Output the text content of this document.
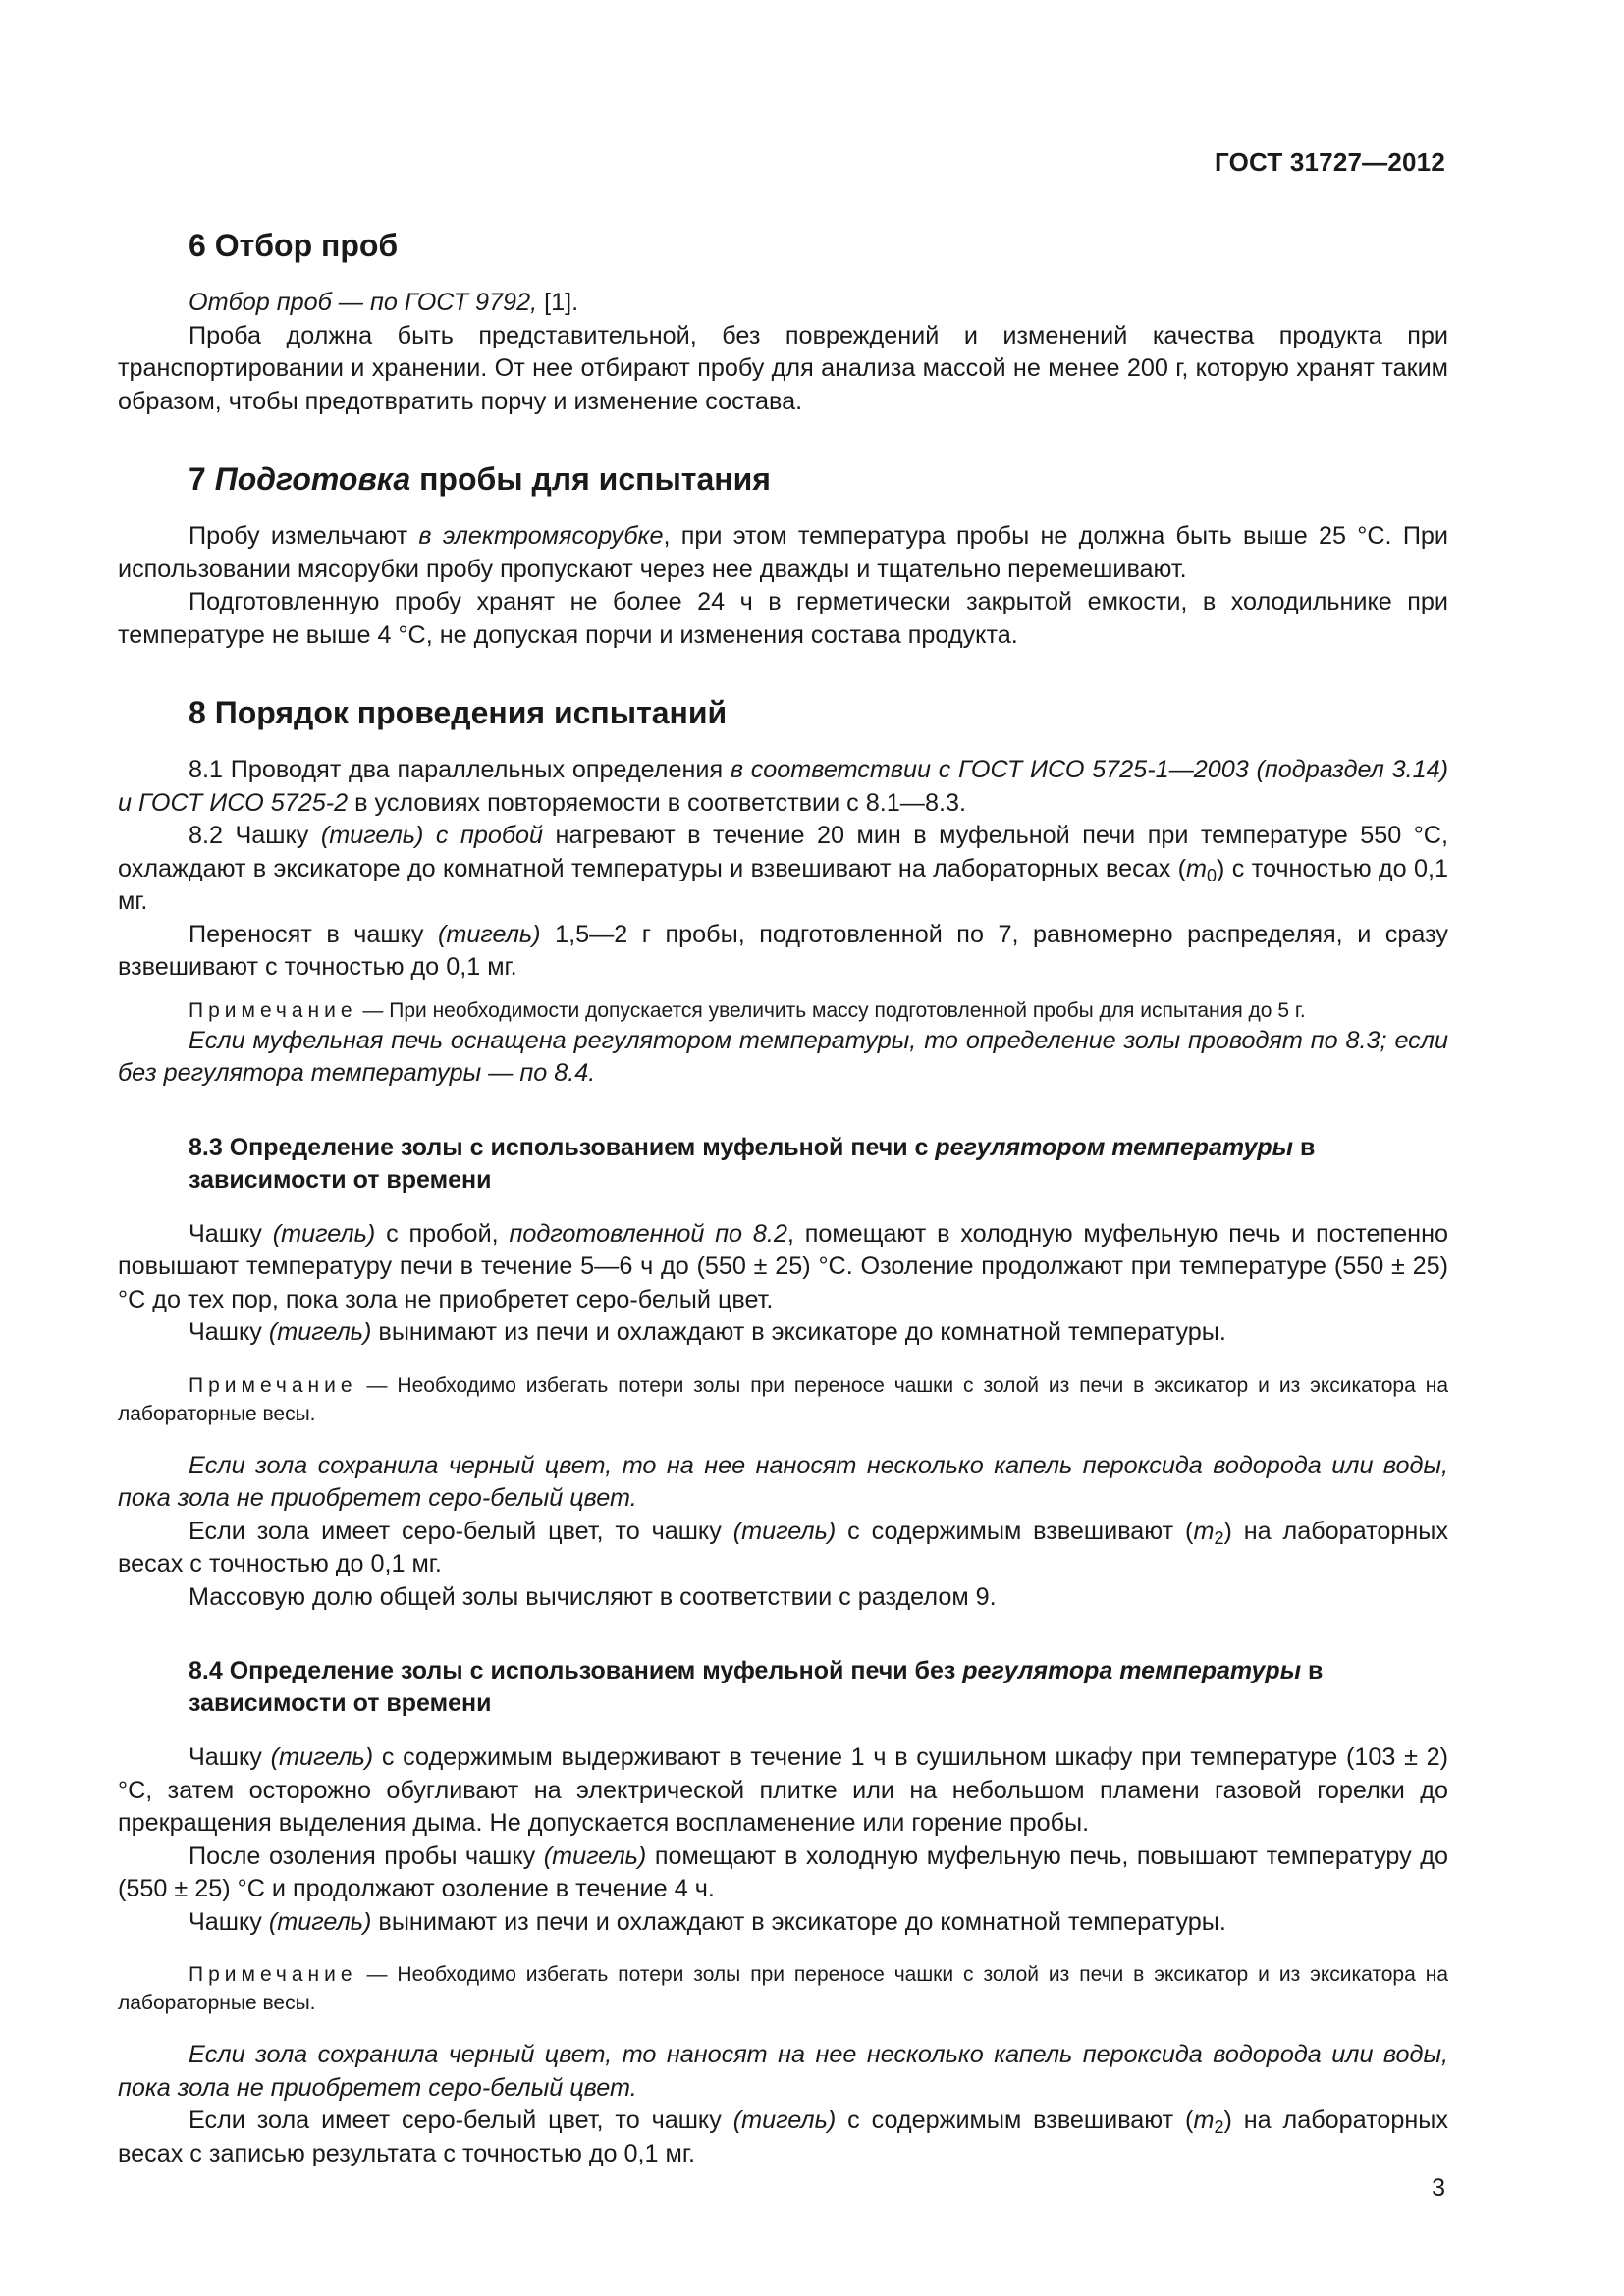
ГОСТ 31727—2012
6 Отбор проб

Отбор проб — по ГОСТ 9792, [1].

Проба должна быть представительной, без повреждений и изменений качества продукта при транспортировании и хранении. От нее отбирают пробу для анализа массой не менее 200 г, которую хранят таким образом, чтобы предотвратить порчу и изменение состава.

7 Подготовка пробы для испытания

Пробу измельчают в электромясорубке, при этом температура пробы не должна быть выше 25 °С. При использовании мясорубки пробу пропускают через нее дважды и тщательно перемешивают.

Подготовленную пробу хранят не более 24 ч в герметически закрытой емкости, в холодильнике при температуре не выше 4 °С, не допуская порчи и изменения состава продукта.

8 Порядок проведения испытаний

8.1 Проводят два параллельных определения в соответствии с ГОСТ ИСО 5725-1—2003 (подраздел 3.14) и ГОСТ ИСО 5725-2 в условиях повторяемости в соответствии с 8.1—8.3.

8.2 Чашку (тигель) с пробой нагревают в течение 20 мин в муфельной печи при температуре 550 °С, охлаждают в эксикаторе до комнатной температуры и взвешивают на лабораторных весах $(m_0)$ с точностью до 0,1 мг.

Переносят в чашку (тигель) 1,5—2 г пробы, подготовленной по 7, равномерно распределяя, и сразу взвешивают с точностью до 0,1 мг.

Примечание — При необходимости допускается увеличить массу подготовленной пробы для испытания до 5 г.

Если муфельная печь оснащена регулятором температуры, то определение золы проводят по 8.3; если без регулятора температуры — по 8.4.

8.3 Определение золы с использованием муфельной печи с регулятором температуры в зависимости от времени

Чашку (тигель) с пробой, подготовленной по 8.2, помещают в холодную муфельную печь и постепенно повышают температуру печи в течение 5—6 ч до (550 ± 25) °С. Озоление продолжают при температуре (550 ± 25) °С до тех пор, пока зола не приобретет серо-белый цвет.

Чашку (тигель) вынимают из печи и охлаждают в эксикаторе до комнатной температуры.

Примечание — Необходимо избегать потери золы при переносе чашки с золой из печи в эксикатор и из эксикатора на лабораторные весы.

Если зола сохранила черный цвет, то на нее наносят несколько капель пероксида водорода или воды, пока зола не приобретет серо-белый цвет.

Если зола имеет серо-белый цвет, то чашку (тигель) с содержимым взвешивают $(m_2)$ на лабораторных весах с точностью до 0,1 мг.

Массовую долю общей золы вычисляют в соответствии с разделом 9.

8.4 Определение золы с использованием муфельной печи без регулятора температуры в зависимости от времени

Чашку (тигель) с содержимым выдерживают в течение 1 ч в сушильном шкафу при температуре (103 ± 2) °С, затем осторожно обугливают на электрической плитке или на небольшом пламени газовой горелки до прекращения выделения дыма. Не допускается воспламенение или горение пробы.

После озоления пробы чашку (тигель) помещают в холодную муфельную печь, повышают температуру до (550 ± 25) °С и продолжают озоление в течение 4 ч.

Чашку (тигель) вынимают из печи и охлаждают в эксикаторе до комнатной температуры.

Примечание — Необходимо избегать потери золы при переносе чашки с золой из печи в эксикатор и из эксикатора на лабораторные весы.

Если зола сохранила черный цвет, то наносят на нее несколько капель пероксида водорода или воды, пока зола не приобретет серо-белый цвет.

Если зола имеет серо-белый цвет, то чашку (тигель) с содержимым взвешивают $(m_2)$ на лабораторных весах с записью результата с точностью до 0,1 мг.

3
